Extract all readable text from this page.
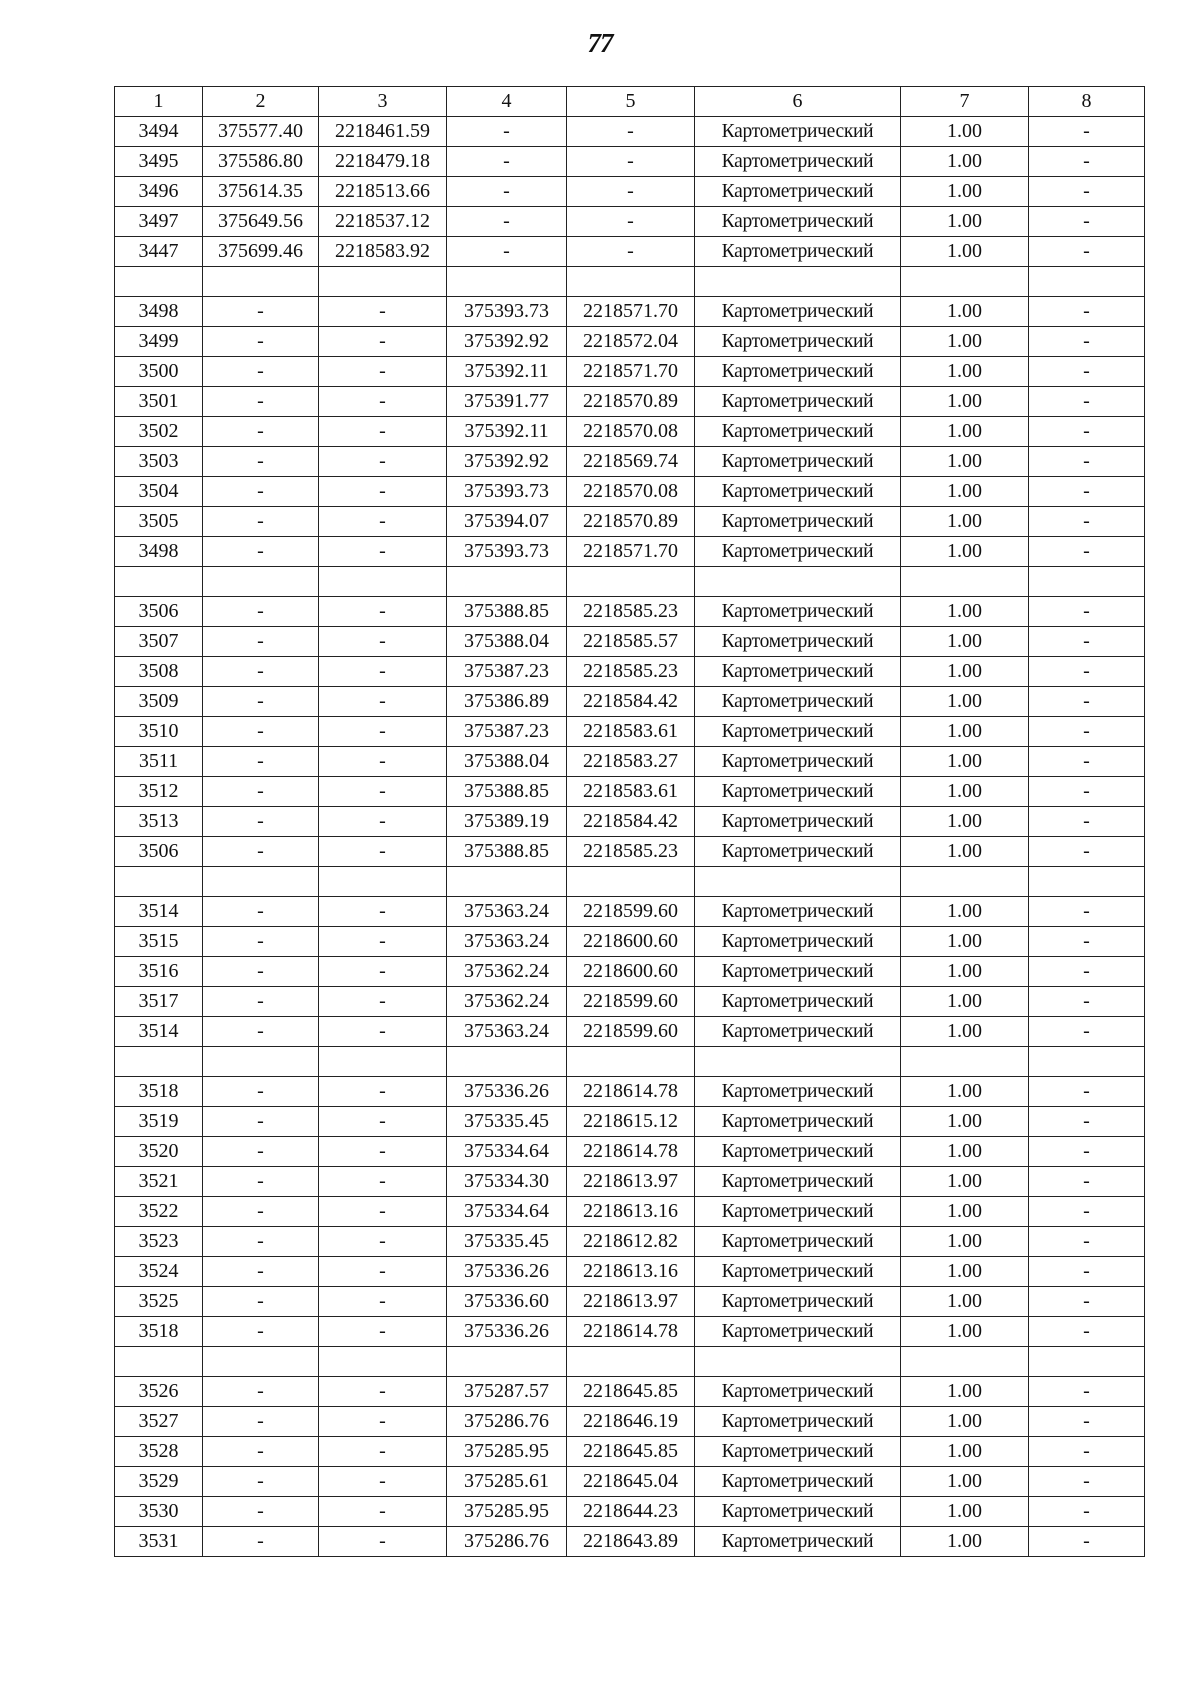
77
1	2	3	4	5	6	7	8
3494	375577.40	2218461.59	-	-	Картометрический	1.00	-
3495	375586.80	2218479.18	-	-	Картометрический	1.00	-
3496	375614.35	2218513.66	-	-	Картометрический	1.00	-
3497	375649.56	2218537.12	-	-	Картометрический	1.00	-
3447	375699.46	2218583.92	-	-	Картометрический	1.00	-

3498	-	-	375393.73	2218571.70	Картометрический	1.00	-
3499	-	-	375392.92	2218572.04	Картометрический	1.00	-
3500	-	-	375392.11	2218571.70	Картометрический	1.00	-
3501	-	-	375391.77	2218570.89	Картометрический	1.00	-
3502	-	-	375392.11	2218570.08	Картометрический	1.00	-
3503	-	-	375392.92	2218569.74	Картометрический	1.00	-
3504	-	-	375393.73	2218570.08	Картометрический	1.00	-
3505	-	-	375394.07	2218570.89	Картометрический	1.00	-
3498	-	-	375393.73	2218571.70	Картометрический	1.00	-

3506	-	-	375388.85	2218585.23	Картометрический	1.00	-
3507	-	-	375388.04	2218585.57	Картометрический	1.00	-
3508	-	-	375387.23	2218585.23	Картометрический	1.00	-
3509	-	-	375386.89	2218584.42	Картометрический	1.00	-
3510	-	-	375387.23	2218583.61	Картометрический	1.00	-
3511	-	-	375388.04	2218583.27	Картометрический	1.00	-
3512	-	-	375388.85	2218583.61	Картометрический	1.00	-
3513	-	-	375389.19	2218584.42	Картометрический	1.00	-
3506	-	-	375388.85	2218585.23	Картометрический	1.00	-

3514	-	-	375363.24	2218599.60	Картометрический	1.00	-
3515	-	-	375363.24	2218600.60	Картометрический	1.00	-
3516	-	-	375362.24	2218600.60	Картометрический	1.00	-
3517	-	-	375362.24	2218599.60	Картометрический	1.00	-
3514	-	-	375363.24	2218599.60	Картометрический	1.00	-

3518	-	-	375336.26	2218614.78	Картометрический	1.00	-
3519	-	-	375335.45	2218615.12	Картометрический	1.00	-
3520	-	-	375334.64	2218614.78	Картометрический	1.00	-
3521	-	-	375334.30	2218613.97	Картометрический	1.00	-
3522	-	-	375334.64	2218613.16	Картометрический	1.00	-
3523	-	-	375335.45	2218612.82	Картометрический	1.00	-
3524	-	-	375336.26	2218613.16	Картометрический	1.00	-
3525	-	-	375336.60	2218613.97	Картометрический	1.00	-
3518	-	-	375336.26	2218614.78	Картометрический	1.00	-

3526	-	-	375287.57	2218645.85	Картометрический	1.00	-
3527	-	-	375286.76	2218646.19	Картометрический	1.00	-
3528	-	-	375285.95	2218645.85	Картометрический	1.00	-
3529	-	-	375285.61	2218645.04	Картометрический	1.00	-
3530	-	-	375285.95	2218644.23	Картометрический	1.00	-
3531	-	-	375286.76	2218643.89	Картометрический	1.00	-
